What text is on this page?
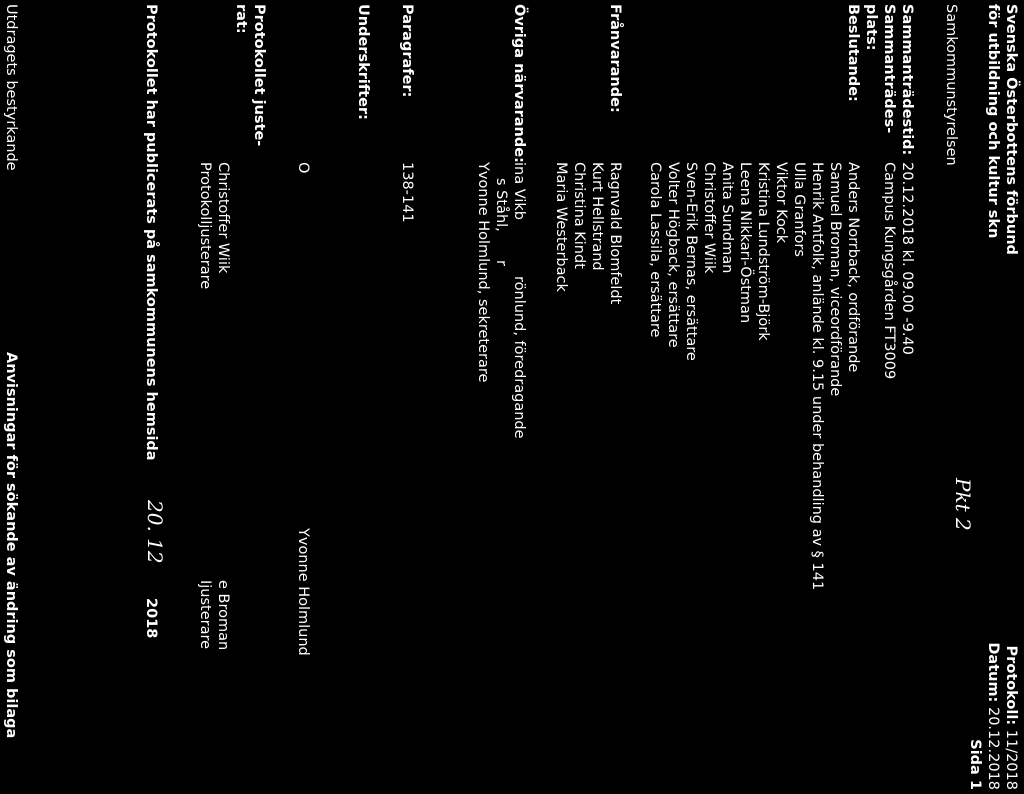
Svenska Österbottens förbund
för utbildning och kultur skn
Samkommunstyrelsen
Protokoll: 11/2018
Datum: 20.12.2018
Sida 1
Pkt 2
Sammanträdestid:
20.12.2018 kl. 09.00 -9.40
Sammanträdes-
plats:
Campus Kungsgården FT3009
Beslutande:
Anders Norrback, ordförande
Samuel Broman, viceordförande
Henrik Antfolk, anlände kl. 9.15 under behandling av § 141
Ulla Granfors
Viktor Kock
Kristina Lundström-Björk
Leena Nikkari-Östman
Anita Sundman
Christoffer Wiik
Sven-Erik Bernas, ersättare
Volter Högback, ersättare
Carola Lassila, ersättare
Frånvarande:
Ragnvald Blomfeldt
Kurt Hellstrand
Christina Kindt
Maria Westerback
Övriga närvarande:
ina Vikb
rönlund, föredragande
s Ståhl,
r
Yvonne Holmlund, sekreterare
Paragrafer:
138-141
Underskrifter:
O
Yvonne Holmlund
Protokollet juste-
rat:
Christoffer Wiik
Protokolljusterare
e Broman
Ijusterare
Protokollet har publicerats på samkommunens hemsida
20. 12
2018
Utdragets bestyrkande
Anvisningar för sökande av ändring som bilaga
